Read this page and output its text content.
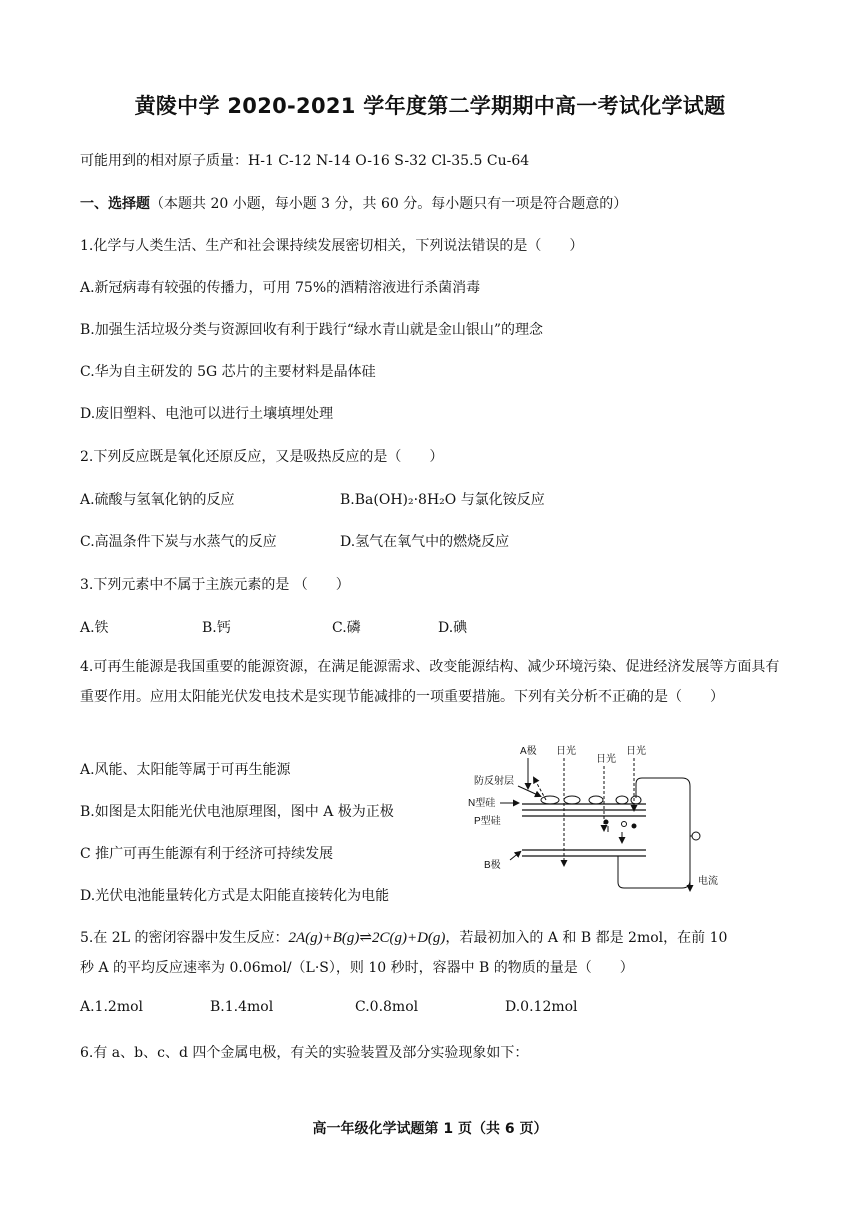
黄陵中学 2020-2021 学年度第二学期期中高一考试化学试题
可能用到的相对原子质量：H-1 C-12 N-14 O-16 S-32 Cl-35.5 Cu-64
一、选择题（本题共 20 小题，每小题 3 分，共 60 分。每小题只有一项是符合题意的）
1.化学与人类生活、生产和社会课持续发展密切相关，下列说法错误的是（　　）
A.新冠病毒有较强的传播力，可用 75%的酒精溶液进行杀菌消毒
B.加强生活垃圾分类与资源回收有利于践行“绿水青山就是金山银山”的理念
C.华为自主研发的 5G 芯片的主要材料是晶体硅
D.废旧塑料、电池可以进行土壤填埋处理
2.下列反应既是氧化还原反应，又是吸热反应的是（　　）
A.硫酸与氢氧化钠的反应	B.Ba(OH)₂·8H₂O 与氯化铵反应
C.高温条件下炭与水蒸气的反应	D.氢气在氧气中的燃烧反应
3.下列元素中不属于主族元素的是 （　　）
A.铁	B.钙	C.磷	D.碘
4.可再生能源是我国重要的能源资源，在满足能源需求、改变能源结构、减少环境污染、促进经济发展等方面具有重要作用。应用太阳能光伏发电技术是实现节能减排的一项重要措施。下列有关分析不正确的是（　　）
A.风能、太阳能等属于可再生能源
B.如图是太阳能光伏电池原理图，图中 A 极为正极
C 推广可再生能源有利于经济可持续发展
D.光伏电池能量转化方式是太阳能直接转化为电能
A极 日光
日光
日光
防反射层
N型硅
P型硅
B极
电流
5.在 2L 的密闭容器中发生反应：2A(g)+B(g)⇌2C(g)+D(g)，若最初加入的 A 和 B 都是 2mol，在前 10
秒 A 的平均反应速率为 0.06mol/（L·S），则 10 秒时，容器中 B 的物质的量是（　　）
A.1.2mol	B.1.4mol	C.0.8mol	D.0.12mol
6.有 a、b、c、d 四个金属电极，有关的实验装置及部分实验现象如下：
高一年级化学试题第 1 页（共 6 页）
